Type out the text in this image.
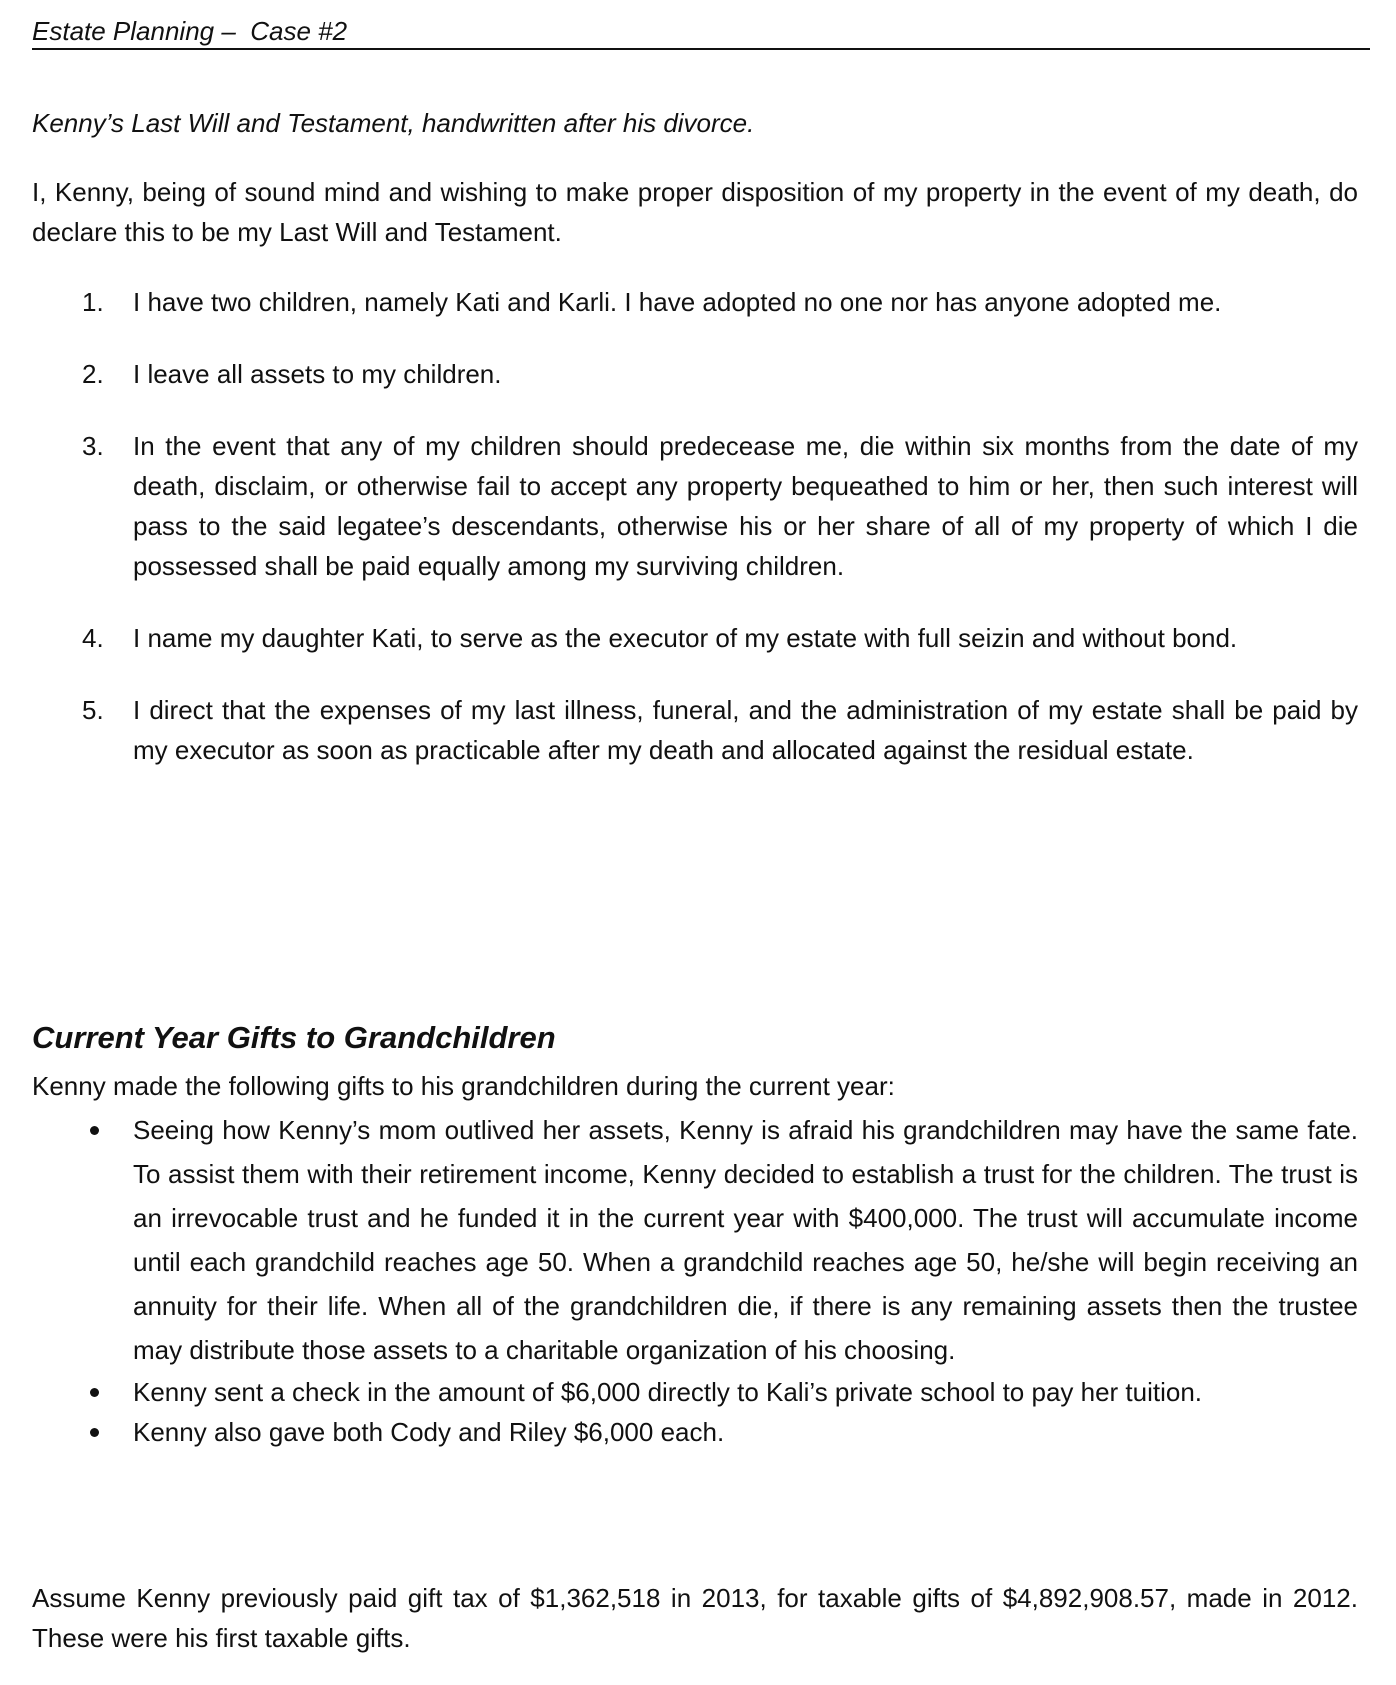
Estate Planning –  Case #2
Kenny’s Last Will and Testament, handwritten after his divorce.
I, Kenny, being of sound mind and wishing to make proper disposition of my property in the event of my death, do declare this to be my Last Will and Testament.
1. I have two children, namely Kati and Karli. I have adopted no one nor has anyone adopted me.
2. I leave all assets to my children.
3. In the event that any of my children should predecease me, die within six months from the date of my death, disclaim, or otherwise fail to accept any property bequeathed to him or her, then such interest will pass to the said legatee’s descendants, otherwise his or her share of all of my property of which I die possessed shall be paid equally among my surviving children.
4. I name my daughter Kati, to serve as the executor of my estate with full seizin and without bond.
5. I direct that the expenses of my last illness, funeral, and the administration of my estate shall be paid by my executor as soon as practicable after my death and allocated against the residual estate.
Current Year Gifts to Grandchildren
Kenny made the following gifts to his grandchildren during the current year:
Seeing how Kenny’s mom outlived her assets, Kenny is afraid his grandchildren may have the same fate. To assist them with their retirement income, Kenny decided to establish a trust for the children. The trust is an irrevocable trust and he funded it in the current year with $400,000. The trust will accumulate income until each grandchild reaches age 50. When a grandchild reaches age 50, he/she will begin receiving an annuity for their life. When all of the grandchildren die, if there is any remaining assets then the trustee may distribute those assets to a charitable organization of his choosing.
Kenny sent a check in the amount of $6,000 directly to Kali’s private school to pay her tuition.
Kenny also gave both Cody and Riley $6,000 each.
Assume Kenny previously paid gift tax of $1,362,518 in 2013, for taxable gifts of $4,892,908.57, made in 2012. These were his first taxable gifts.
